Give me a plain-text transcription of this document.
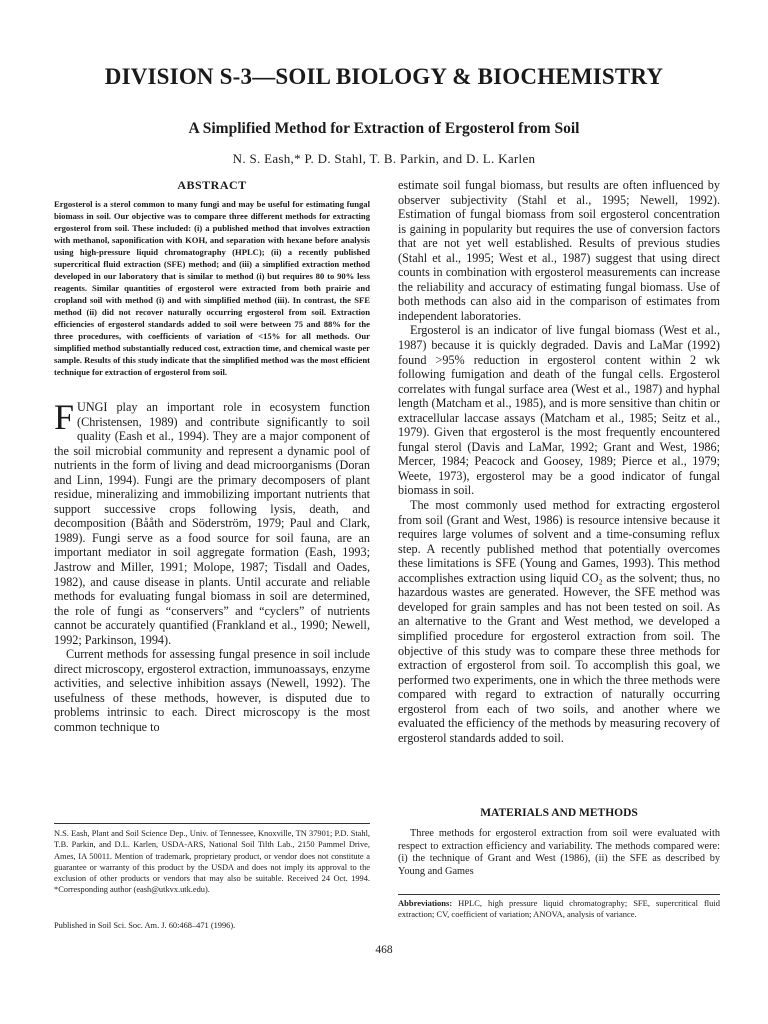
DIVISION S-3—SOIL BIOLOGY & BIOCHEMISTRY
A Simplified Method for Extraction of Ergosterol from Soil
N. S. Eash,* P. D. Stahl, T. B. Parkin, and D. L. Karlen
ABSTRACT

Ergosterol is a sterol common to many fungi and may be useful for estimating fungal biomass in soil. Our objective was to compare three different methods for extracting ergosterol from soil. These included: (i) a published method that involves extraction with methanol, saponification with KOH, and separation with hexane before analysis using high-pressure liquid chromatography (HPLC); (ii) a recently published supercritical fluid extraction (SFE) method; and (iii) a simplified extraction method developed in our laboratory that is similar to method (i) but requires 80 to 90% less reagents. Similar quantities of ergosterol were extracted from both prairie and cropland soil with method (i) and with simplified method (iii). In contrast, the SFE method (ii) did not recover naturally occurring ergosterol from soil. Extraction efficiencies of ergosterol standards added to soil were between 75 and 88% for the three procedures, with coefficients of variation of <15% for all methods. Our simplified method substantially reduced cost, extraction time, and chemical waste per sample. Results of this study indicate that the simplified method was the most efficient technique for extraction of ergosterol from soil.

FUNGI play an important role in ecosystem function (Christensen, 1989) and contribute significantly to soil quality (Eash et al., 1994). They are a major component of the soil microbial community and represent a dynamic pool of nutrients in the form of living and dead microorganisms (Doran and Linn, 1994). Fungi are the primary decomposers of plant residue, mineralizing and immobilizing important nutrients that support successive crops following lysis, death, and decomposition (Bååth and Söderström, 1979; Paul and Clark, 1989). Fungi serve as a food source for soil fauna, are an important mediator in soil aggregate formation (Eash, 1993; Jastrow and Miller, 1991; Molope, 1987; Tisdall and Oades, 1982), and cause disease in plants. Until accurate and reliable methods for evaluating fungal biomass in soil are determined, the role of fungi as “conservers” and “cyclers” of nutrients cannot be accurately quantified (Frankland et al., 1990; Newell, 1992; Parkinson, 1994).

Current methods for assessing fungal presence in soil include direct microscopy, ergosterol extraction, immunoassays, enzyme activities, and selective inhibition assays (Newell, 1992). The usefulness of these methods, however, is disputed due to problems intrinsic to each. Direct microscopy is the most common technique to

N.S. Eash, Plant and Soil Science Dep., Univ. of Tennessee, Knoxville, TN 37901; P.D. Stahl, T.B. Parkin, and D.L. Karlen, USDA-ARS, National Soil Tilth Lab., 2150 Pammel Drive, Ames, IA 50011. Mention of trademark, proprietary product, or vendor does not constitute a guarantee or warranty of this product by the USDA and does not imply its approval to the exclusion of other products or vendors that may also be suitable. Received 24 Oct. 1994. *Corresponding author (eash@utkvx.utk.edu).
Published in Soil Sci. Soc. Am. J. 60:468–471 (1996).

estimate soil fungal biomass, but results are often influenced by observer subjectivity (Stahl et al., 1995; Newell, 1992). Estimation of fungal biomass from soil ergosterol concentration is gaining in popularity but requires the use of conversion factors that are not yet well established. Results of previous studies (Stahl et al., 1995; West et al., 1987) suggest that using direct counts in combination with ergosterol measurements can increase the reliability and accuracy of estimating fungal biomass. Use of both methods can also aid in the comparison of estimates from independent laboratories.

Ergosterol is an indicator of live fungal biomass (West et al., 1987) because it is quickly degraded. Davis and LaMar (1992) found >95% reduction in ergosterol content within 2 wk following fumigation and death of the fungal cells. Ergosterol correlates with fungal surface area (West et al., 1987) and hyphal length (Matcham et al., 1985), and is more sensitive than chitin or extracellular laccase assays (Matcham et al., 1985; Seitz et al., 1979). Given that ergosterol is the most frequently encountered fungal sterol (Davis and LaMar, 1992; Grant and West, 1986; Mercer, 1984; Peacock and Goosey, 1989; Pierce et al., 1979; Weete, 1973), ergosterol may be a good indicator of fungal biomass in soil.

The most commonly used method for extracting ergosterol from soil (Grant and West, 1986) is resource intensive because it requires large volumes of solvent and a time-consuming reflux step. A recently published method that potentially overcomes these limitations is SFE (Young and Games, 1993). This method accomplishes extraction using liquid CO₂ as the solvent; thus, no hazardous wastes are generated. However, the SFE method was developed for grain samples and has not been tested on soil. As an alternative to the Grant and West method, we developed a simplified procedure for ergosterol extraction from soil. The objective of this study was to compare these three methods for extraction of ergosterol from soil. To accomplish this goal, we performed two experiments, one in which the three methods were compared with regard to extraction of naturally occurring ergosterol from each of two soils, and another where we evaluated the efficiency of the methods by measuring recovery of ergosterol standards added to soil.

MATERIALS AND METHODS

Three methods for ergosterol extraction from soil were evaluated with respect to extraction efficiency and variability. The methods compared were: (i) the technique of Grant and West (1986), (ii) the SFE as described by Young and Games

Abbreviations: HPLC, high pressure liquid chromatography; SFE, supercritical fluid extraction; CV, coefficient of variation; ANOVA, analysis of variance.
468
